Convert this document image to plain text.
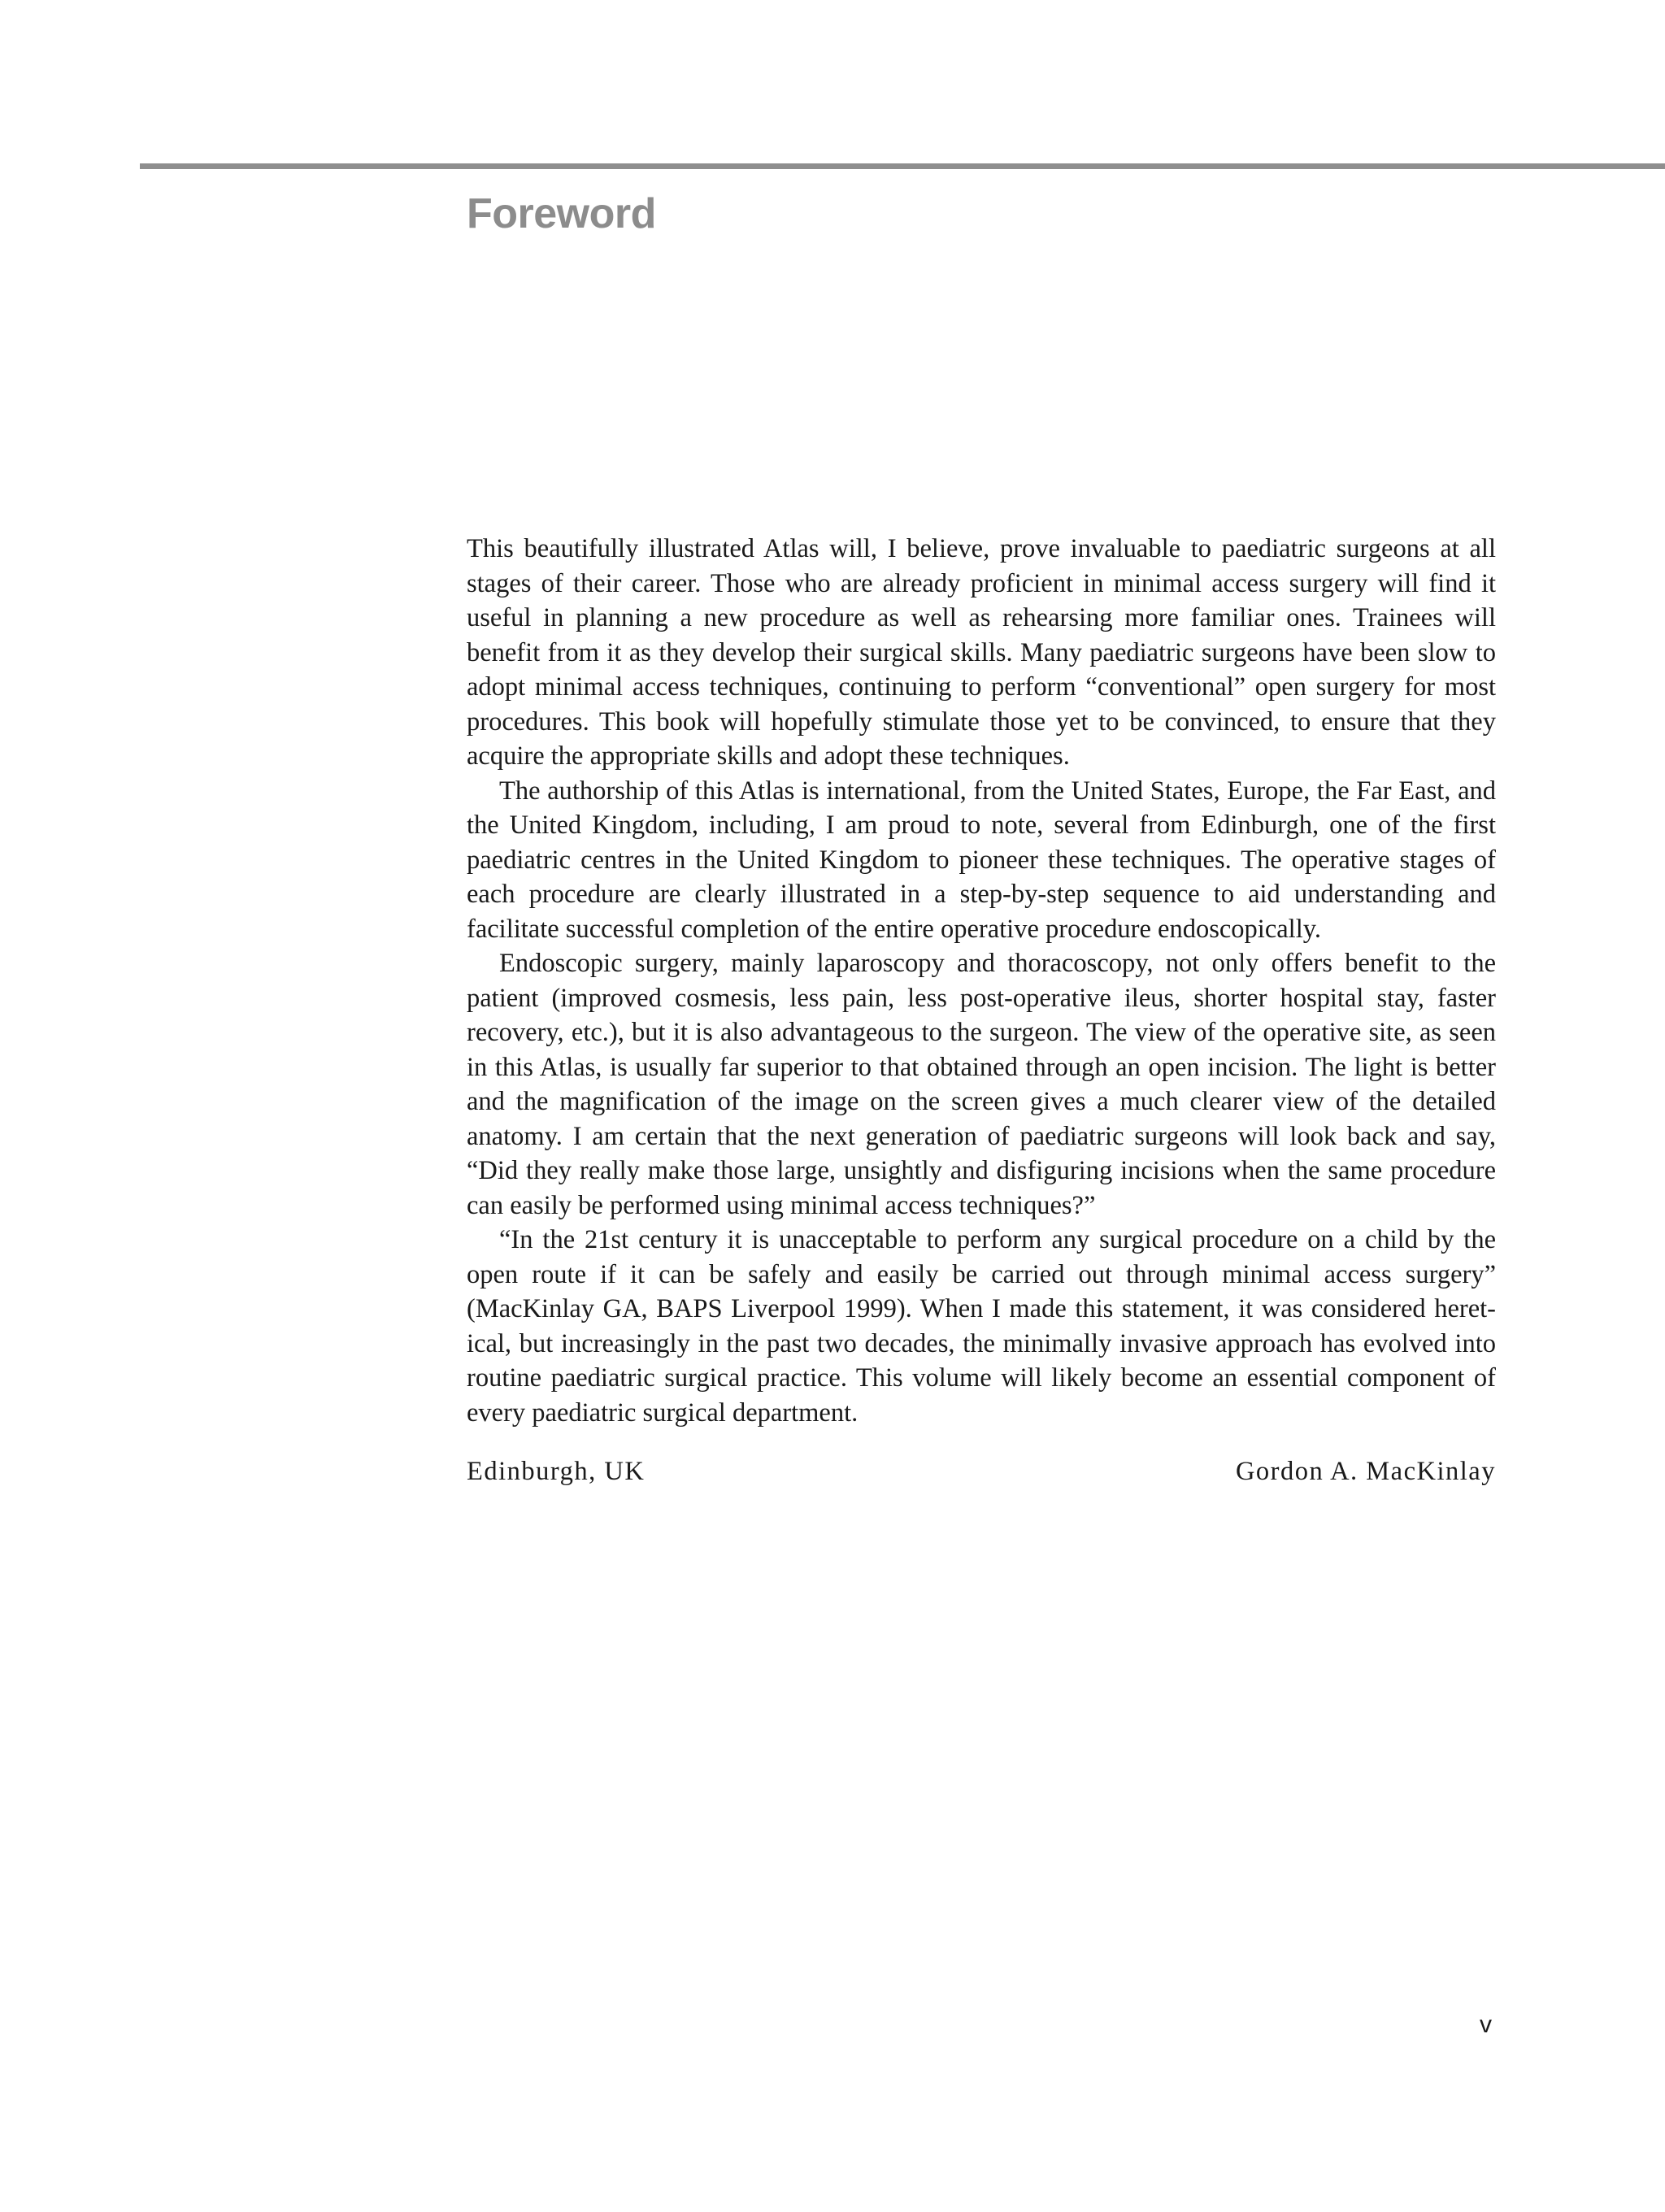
Foreword

This beautifully illustrated Atlas will, I believe, prove invaluable to paediatric surgeons at all stages of their career. Those who are already proficient in minimal access surgery will find it useful in planning a new procedure as well as rehearsing more familiar ones. Trainees will benefit from it as they develop their surgical skills. Many paediatric surgeons have been slow to adopt minimal access techniques, continuing to perform “conventional” open surgery for most procedures. This book will hopefully stimulate those yet to be convinced, to ensure that they acquire the appropriate skills and adopt these techniques.

The authorship of this Atlas is international, from the United States, Europe, the Far East, and the United Kingdom, including, I am proud to note, several from Edinburgh, one of the first paediatric centres in the United Kingdom to pioneer these techniques. The operative stages of each procedure are clearly illustrated in a step-by-step sequence to aid understanding and facilitate successful completion of the entire operative procedure endoscopically.

Endoscopic surgery, mainly laparoscopy and thoracoscopy, not only offers benefit to the patient (improved cosmesis, less pain, less post-operative ileus, shorter hospital stay, faster recovery, etc.), but it is also advantageous to the surgeon. The view of the operative site, as seen in this Atlas, is usually far superior to that obtained through an open incision. The light is better and the magnification of the image on the screen gives a much clearer view of the detailed anatomy. I am certain that the next generation of paediatric surgeons will look back and say, “Did they really make those large, unsightly and disfiguring incisions when the same procedure can easily be performed using minimal access techniques?”

“In the 21st century it is unacceptable to perform any surgical procedure on a child by the open route if it can be safely and easily be carried out through minimal access surgery” (MacKinlay GA, BAPS Liverpool 1999). When I made this statement, it was considered heretical, but increasingly in the past two decades, the minimally invasive approach has evolved into routine paediatric surgical practice. This volume will likely become an essential component of every paediatric surgical department.

Edinburgh, UK	Gordon A. MacKinlay
v
